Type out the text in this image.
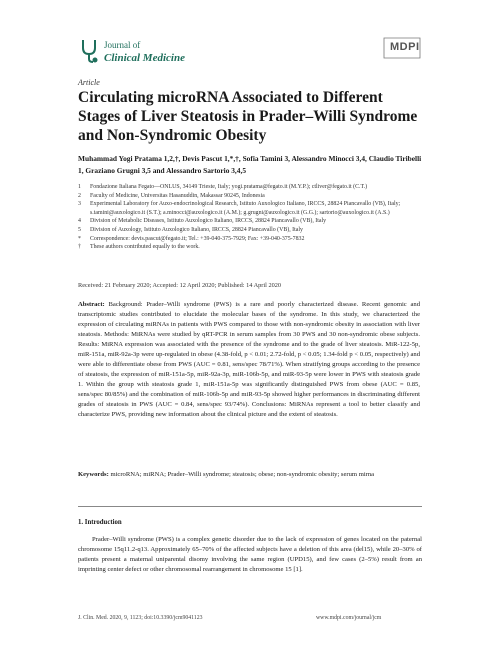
Journal of
Clinical Medicine
MDPI
Article
Circulating microRNA Associated to Different Stages of Liver Steatosis in Prader–Willi Syndrome and Non-Syndromic Obesity
Muhammad Yogi Pratama 1,2,†, Devis Pascut 1,*,†, Sofia Tamini 3, Alessandro Minocci 3,4, Claudio Tiribelli 1, Graziano Grugni 3,5 and Alessandro Sartorio 3,4,5
1	Fondazione Italiana Fegato—ONLUS, 34149 Trieste, Italy; yogi.pratama@fegato.it (M.Y.P.); ctliver@fegato.it (C.T.)
2	Faculty of Medicine, Universitas Hasanuddin, Makassar 90245, Indonesia
3	Experimental Laboratory for Auxo-endocrinological Research, Istituto Auxologico Italiano, IRCCS, 28824 Piancavallo (VB), Italy; s.tamini@auxologico.it (S.T.); a.minocci@auxologico.it (A.M.); g.grugni@auxologico.it (G.G.); sartorio@auxologico.it (A.S.)
4	Division of Metabolic Diseases, Istituto Auxologico Italiano, IRCCS, 28824 Piancavallo (VB), Italy
5	Division of Auxology, Istituto Auxologico Italiano, IRCCS, 28824 Piancavallo (VB), Italy
*	Correspondence: devis.pascut@fegato.it; Tel.: +39-040-375-7929; Fax: +39-040-375-7832
†	These authors contributed equally to the work.
Received: 21 February 2020; Accepted: 12 April 2020; Published: 14 April 2020
Abstract: Background: Prader–Willi syndrome (PWS) is a rare and poorly characterized disease. Recent genomic and transcriptomic studies contributed to elucidate the molecular bases of the syndrome. In this study, we characterized the expression of circulating miRNAs in patients with PWS compared to those with non-syndromic obesity in association with liver steatosis. Methods: MiRNAs were studied by qRT-PCR in serum samples from 30 PWS and 30 non-syndromic obese subjects. Results: MiRNA expression was associated with the presence of the syndrome and to the grade of liver steatosis. MiR-122-5p, miR-151a, miR-92a-3p were up-regulated in obese (4.38-fold, p < 0.01; 2.72-fold, p < 0.05; 1.34-fold p < 0.05, respectively) and were able to differentiate obese from PWS (AUC = 0.81, sens/spec 78/71%). When stratifying groups according to the presence of steatosis, the expression of miR-151a-5p, miR-92a-3p, miR-106b-5p, and miR-93-5p were lower in PWS with steatosis grade 1. Within the group with steatosis grade 1, miR-151a-5p was significantly distinguished PWS from obese (AUC = 0.85, sens/spec 80/85%) and the combination of miR-106b-5p and miR-93-5p showed higher performances in discriminating different grades of steatosis in PWS (AUC = 0.84, sens/spec 93/74%). Conclusions: MiRNAs represent a tool to better classify and characterize PWS, providing new information about the clinical picture and the extent of steatosis.
Keywords: microRNA; miRNA; Prader–Willi syndrome; steatosis; obese; non-syndromic obesity; serum mirna
1. Introduction
Prader–Willi syndrome (PWS) is a complex genetic disorder due to the lack of expression of genes located on the paternal chromosome 15q11.2-q13. Approximately 65–70% of the affected subjects have a deletion of this area (del15), while 20–30% of patients present a maternal uniparental disomy involving the same region (UPD15), and few cases (2–5%) result from an imprinting center defect or other chromosomal rearrangement in chromosome 15 [1].
J. Clin. Med. 2020, 9, 1123; doi:10.3390/jcm9041123	www.mdpi.com/journal/jcm
